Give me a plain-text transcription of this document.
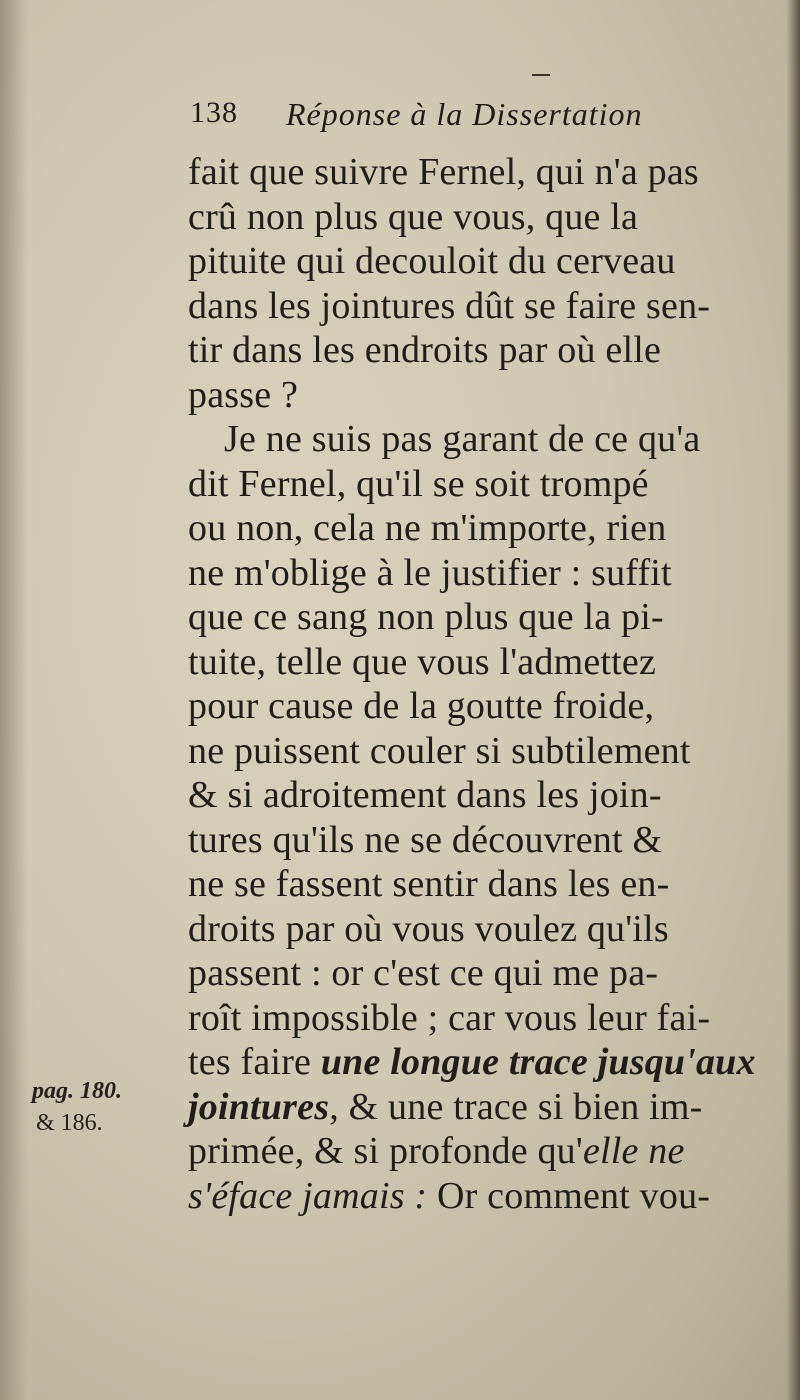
138 Réponse à la Dissertation
fait que suivre Fernel, qui n'a pas
crû non plus que vous, que la
pituite qui decouloit du cerveau
dans les jointures dût se faire sen-
tir dans les endroits par où elle
passe ?
Je ne suis pas garant de ce qu'a
dit Fernel, qu'il se soit trompé
ou non, cela ne m'importe, rien
ne m'oblige à le justifier : suffit
que ce sang non plus que la pi-
tuite, telle que vous l'admettez
pour cause de la goutte froide,
ne puissent couler si subtilement
& si adroitement dans les join-
tures qu'ils ne se découvrent &
ne se fassent sentir dans les en-
droits par où vous voulez qu'ils
passent : or c'est ce qui me pa-
roît impossible ; car vous leur fai-
tes faire une longue trace jusqu'aux
jointures, & une trace si bien im-
primée, & si profonde qu'elle ne
s'éface jamais : Or comment vou-
pag. 180.
& 186.
